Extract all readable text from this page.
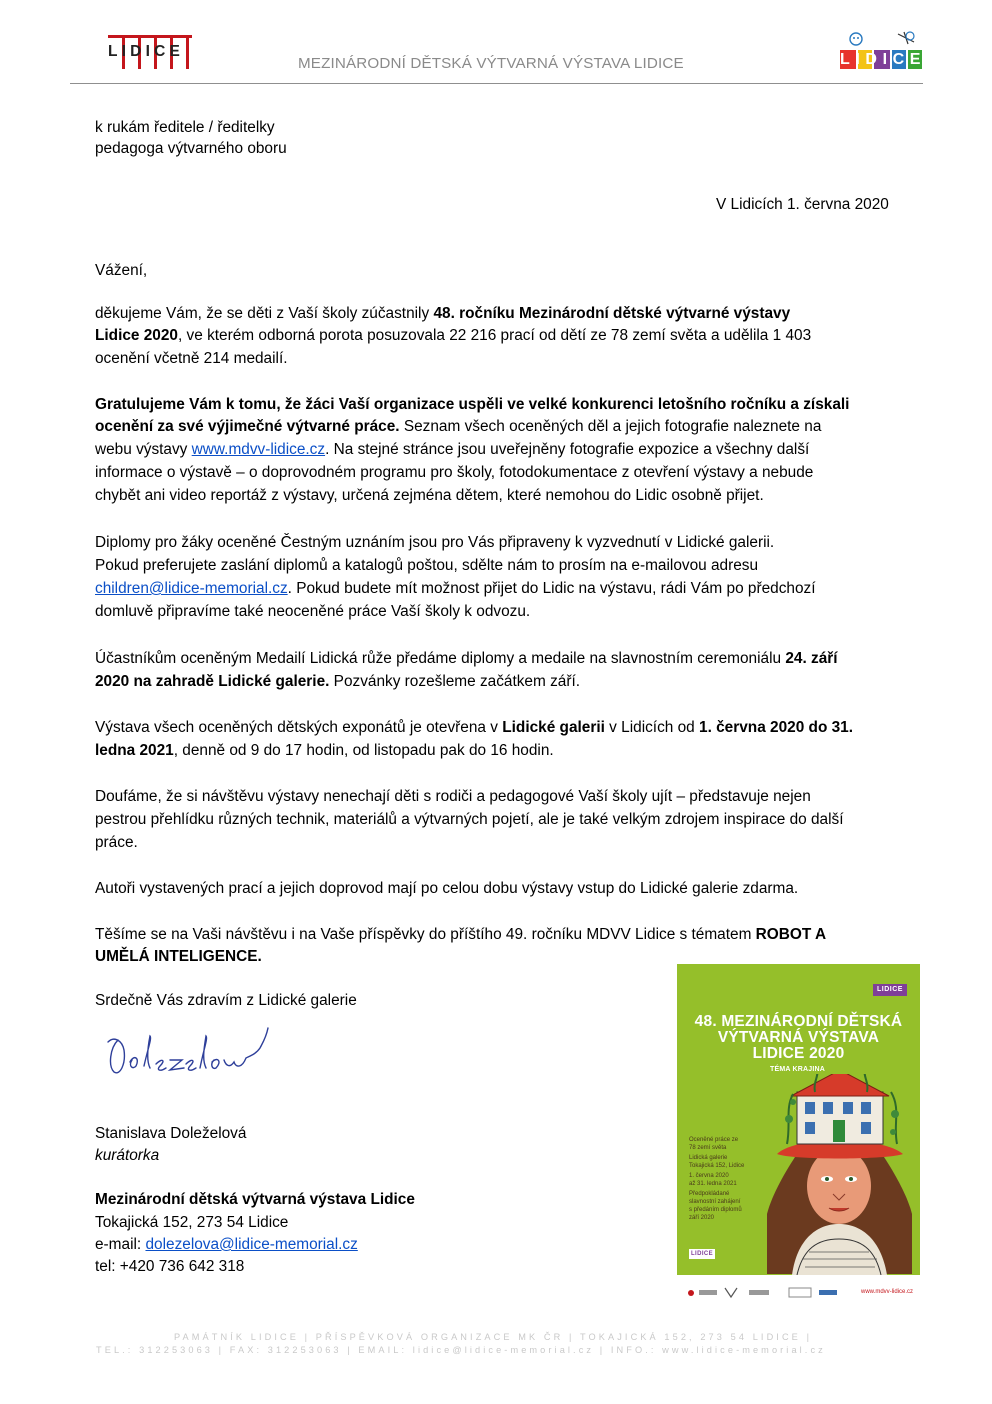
LIDICE
MEZINÁRODNÍ DĚTSKÁ VÝTVARNÁ VÝSTAVA LIDICE	LIDICE
k rukám ředitele / ředitelky
pedagoga výtvarného oboru
V Lidicích 1. června 2020
Vážení,
děkujeme Vám, že se děti z Vaší školy zúčastnily 48. ročníku Mezinárodní dětské výtvarné výstavy
Lidice 2020, ve kterém odborná porota posuzovala 22 216 prací od dětí ze 78 zemí světa a udělila 1 403
ocenění včetně 214 medailí.
Gratulujeme Vám k tomu, že žáci Vaší organizace uspěli ve velké konkurenci letošního ročníku a získali
ocenění za své výjimečné výtvarné práce. Seznam všech oceněných děl a jejich fotografie naleznete na
webu výstavy www.mdvv-lidice.cz. Na stejné stránce jsou uveřejněny fotografie expozice a všechny další
informace o výstavě – o doprovodném programu pro školy, fotodokumentace z otevření výstavy a nebude
chybět ani video reportáž z výstavy, určená zejména dětem, které nemohou do Lidic osobně přijet.
Diplomy pro žáky oceněné Čestným uznáním jsou pro Vás připraveny k vyzvednutí v Lidické galerii.
Pokud preferujete zaslání diplomů a katalogů poštou, sdělte nám to prosím na e-mailovou adresu
children@lidice-memorial.cz. Pokud budete mít možnost přijet do Lidic na výstavu, rádi Vám po předchozí
domluvě připravíme také neoceněné práce Vaší školy k odvozu.
Účastníkům oceněným Medailí Lidická růže předáme diplomy a medaile na slavnostním ceremoniálu 24. září
2020 na zahradě Lidické galerie. Pozvánky rozešleme začátkem září.
Výstava všech oceněných dětských exponátů je otevřena v Lidické galerii v Lidicích od 1. června 2020 do 31.
ledna 2021, denně od 9 do 17 hodin, od listopadu pak do 16 hodin.
Doufáme, že si návštěvu výstavy nenechají děti s rodiči a pedagogové Vaší školy ujít – představuje nejen
pestrou přehlídku různých technik, materiálů a výtvarných pojetí, ale je také velkým zdrojem inspirace do další
práce.
Autoři vystavených prací a jejich doprovod mají po celou dobu výstavy vstup do Lidické galerie zdarma.
Těšíme se na Vaši návštěvu i na Vaše příspěvky do příštího 49. ročníku MDVV Lidice s tématem ROBOT A
UMĚLÁ INTELIGENCE.
Srdečně Vás zdravím z Lidické galerie
Stanislava Doleželová
kurátorka
Mezinárodní dětská výtvarná výstava Lidice
Tokajická 152, 273 54 Lidice
e-mail: dolezelova@lidice-memorial.cz
tel: +420 736 642 318
LIDICE
48. MEZINÁRODNÍ DĚTSKÁ
VÝTVARNÁ VÝSTAVA
LIDICE 2020
TÉMA KRAJINA
Oceněné práce ze
78 zemí světa
Lidická galerie
Tokajická 152, Lidice
1. června 2020
až 31. ledna 2021
Předpokládané
slavnostní zahájení
s předáním diplomů
září 2020
LIDICE
www.mdvv-lidice.cz
PAMÁTNÍK LIDICE | PŘÍSPĚVKOVÁ ORGANIZACE MK ČR | TOKAJICKÁ 152, 273 54 LIDICE |
TEL.: 312253063 | FAX: 312253063 | EMAIL: lidice@lidice-memorial.cz | INFO.: www.lidice-memorial.cz
